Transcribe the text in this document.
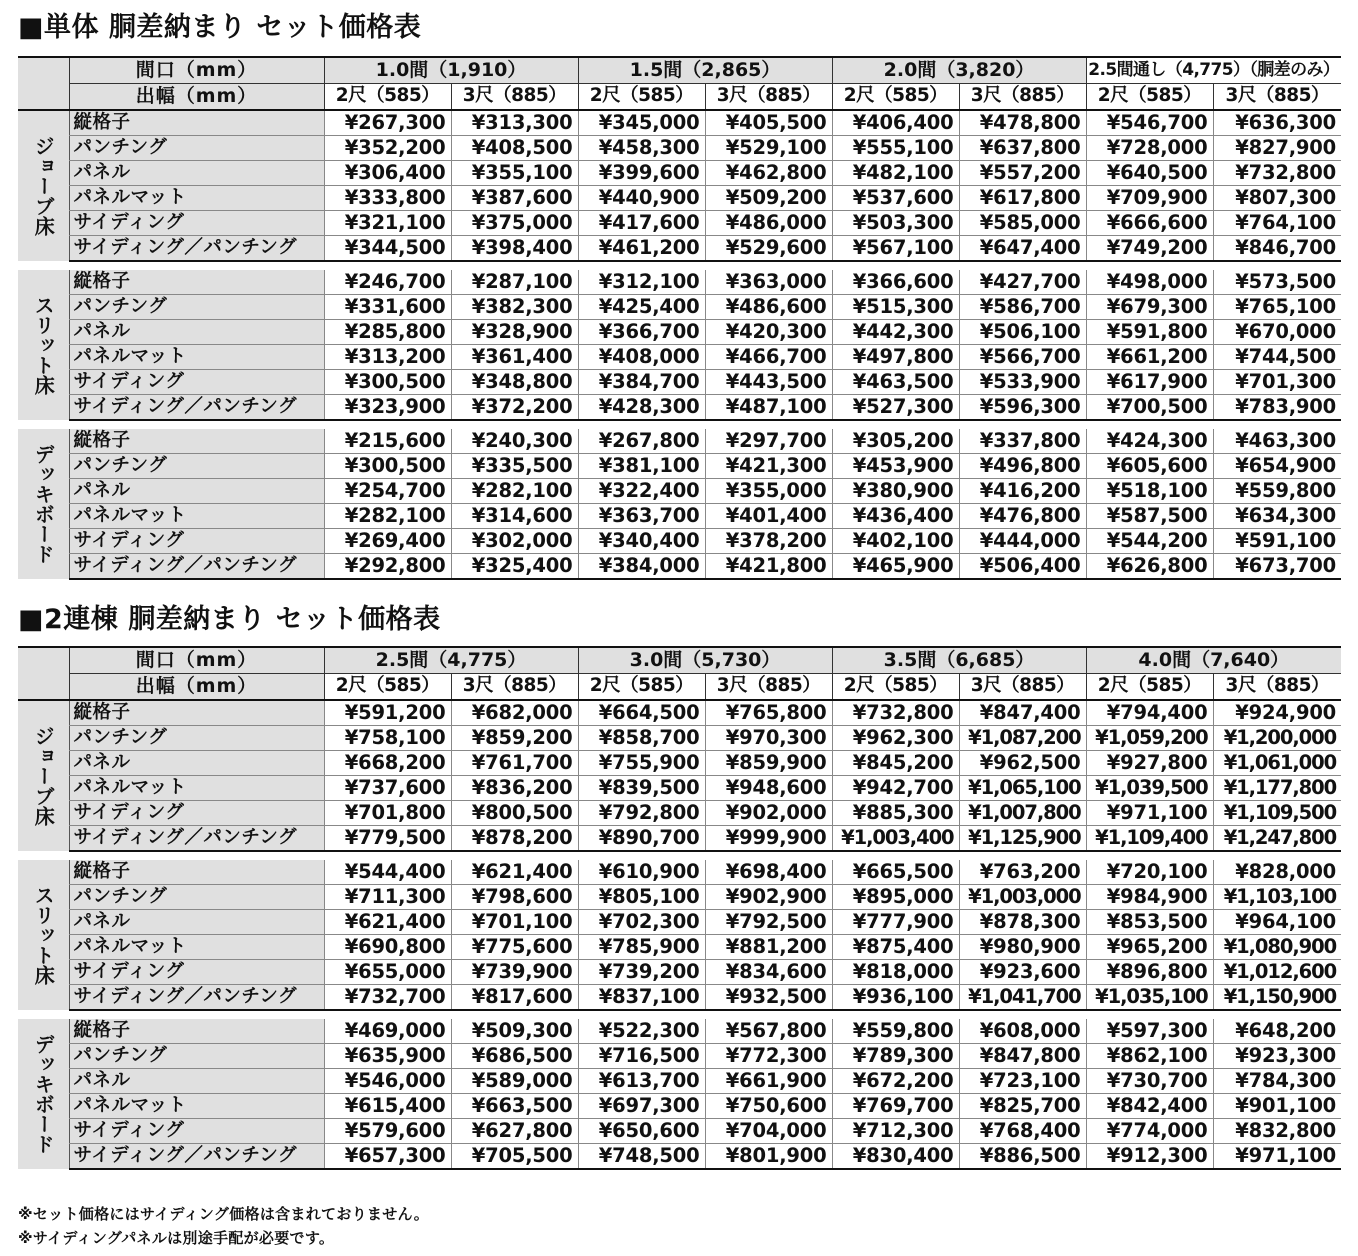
■単体 胴差納まり セット価格表
	間口（mm）	1.0間（1,910）		1.5間（2,865）		2.0間（3,820）		2.5間通し（4,775）（胴差のみ）	
	出幅（mm）	2尺（585）	3尺（885）	2尺（585）	3尺（885）	2尺（585）	3尺（885）	2尺（585）	3尺（885）
ジョーブ床	縦格子	¥267,300	¥313,300	¥345,000	¥405,500	¥406,400	¥478,800	¥546,700	¥636,300
	パンチング	¥352,200	¥408,500	¥458,300	¥529,100	¥555,100	¥637,800	¥728,000	¥827,900
	パネル	¥306,400	¥355,100	¥399,600	¥462,800	¥482,100	¥557,200	¥640,500	¥732,800
	パネルマット	¥333,800	¥387,600	¥440,900	¥509,200	¥537,600	¥617,800	¥709,900	¥807,300
	サイディング	¥321,100	¥375,000	¥417,600	¥486,000	¥503,300	¥585,000	¥666,600	¥764,100
	サイディング／パンチング	¥344,500	¥398,400	¥461,200	¥529,600	¥567,100	¥647,400	¥749,200	¥846,700

スリット床	縦格子	¥246,700	¥287,100	¥312,100	¥363,000	¥366,600	¥427,700	¥498,000	¥573,500
	パンチング	¥331,600	¥382,300	¥425,400	¥486,600	¥515,300	¥586,700	¥679,300	¥765,100
	パネル	¥285,800	¥328,900	¥366,700	¥420,300	¥442,300	¥506,100	¥591,800	¥670,000
	パネルマット	¥313,200	¥361,400	¥408,000	¥466,700	¥497,800	¥566,700	¥661,200	¥744,500
	サイディング	¥300,500	¥348,800	¥384,700	¥443,500	¥463,500	¥533,900	¥617,900	¥701,300
	サイディング／パンチング	¥323,900	¥372,200	¥428,300	¥487,100	¥527,300	¥596,300	¥700,500	¥783,900

デッキボード	縦格子	¥215,600	¥240,300	¥267,800	¥297,700	¥305,200	¥337,800	¥424,300	¥463,300
	パンチング	¥300,500	¥335,500	¥381,100	¥421,300	¥453,900	¥496,800	¥605,600	¥654,900
	パネル	¥254,700	¥282,100	¥322,400	¥355,000	¥380,900	¥416,200	¥518,100	¥559,800
	パネルマット	¥282,100	¥314,600	¥363,700	¥401,400	¥436,400	¥476,800	¥587,500	¥634,300
	サイディング	¥269,400	¥302,000	¥340,400	¥378,200	¥402,100	¥444,000	¥544,200	¥591,100
	サイディング／パンチング	¥292,800	¥325,400	¥384,000	¥421,800	¥465,900	¥506,400	¥626,800	¥673,700
■2連棟 胴差納まり セット価格表
	間口（mm）	2.5間（4,775）		3.0間（5,730）		3.5間（6,685）		4.0間（7,640）	
	出幅（mm）	2尺（585）	3尺（885）	2尺（585）	3尺（885）	2尺（585）	3尺（885）	2尺（585）	3尺（885）
ジョーブ床	縦格子	¥591,200	¥682,000	¥664,500	¥765,800	¥732,800	¥847,400	¥794,400	¥924,900
	パンチング	¥758,100	¥859,200	¥858,700	¥970,300	¥962,300	¥1,087,200	¥1,059,200	¥1,200,000
	パネル	¥668,200	¥761,700	¥755,900	¥859,900	¥845,200	¥962,500	¥927,800	¥1,061,000
	パネルマット	¥737,600	¥836,200	¥839,500	¥948,600	¥942,700	¥1,065,100	¥1,039,500	¥1,177,800
	サイディング	¥701,800	¥800,500	¥792,800	¥902,000	¥885,300	¥1,007,800	¥971,100	¥1,109,500
	サイディング／パンチング	¥779,500	¥878,200	¥890,700	¥999,900	¥1,003,400	¥1,125,900	¥1,109,400	¥1,247,800

スリット床	縦格子	¥544,400	¥621,400	¥610,900	¥698,400	¥665,500	¥763,200	¥720,100	¥828,000
	パンチング	¥711,300	¥798,600	¥805,100	¥902,900	¥895,000	¥1,003,000	¥984,900	¥1,103,100
	パネル	¥621,400	¥701,100	¥702,300	¥792,500	¥777,900	¥878,300	¥853,500	¥964,100
	パネルマット	¥690,800	¥775,600	¥785,900	¥881,200	¥875,400	¥980,900	¥965,200	¥1,080,900
	サイディング	¥655,000	¥739,900	¥739,200	¥834,600	¥818,000	¥923,600	¥896,800	¥1,012,600
	サイディング／パンチング	¥732,700	¥817,600	¥837,100	¥932,500	¥936,100	¥1,041,700	¥1,035,100	¥1,150,900

デッキボード	縦格子	¥469,000	¥509,300	¥522,300	¥567,800	¥559,800	¥608,000	¥597,300	¥648,200
	パンチング	¥635,900	¥686,500	¥716,500	¥772,300	¥789,300	¥847,800	¥862,100	¥923,300
	パネル	¥546,000	¥589,000	¥613,700	¥661,900	¥672,200	¥723,100	¥730,700	¥784,300
	パネルマット	¥615,400	¥663,500	¥697,300	¥750,600	¥769,700	¥825,700	¥842,400	¥901,100
	サイディング	¥579,600	¥627,800	¥650,600	¥704,000	¥712,300	¥768,400	¥774,000	¥832,800
	サイディング／パンチング	¥657,300	¥705,500	¥748,500	¥801,900	¥830,400	¥886,500	¥912,300	¥971,100
※セット価格にはサイディング価格は含まれておりません。
※サイディングパネルは別途手配が必要です。
